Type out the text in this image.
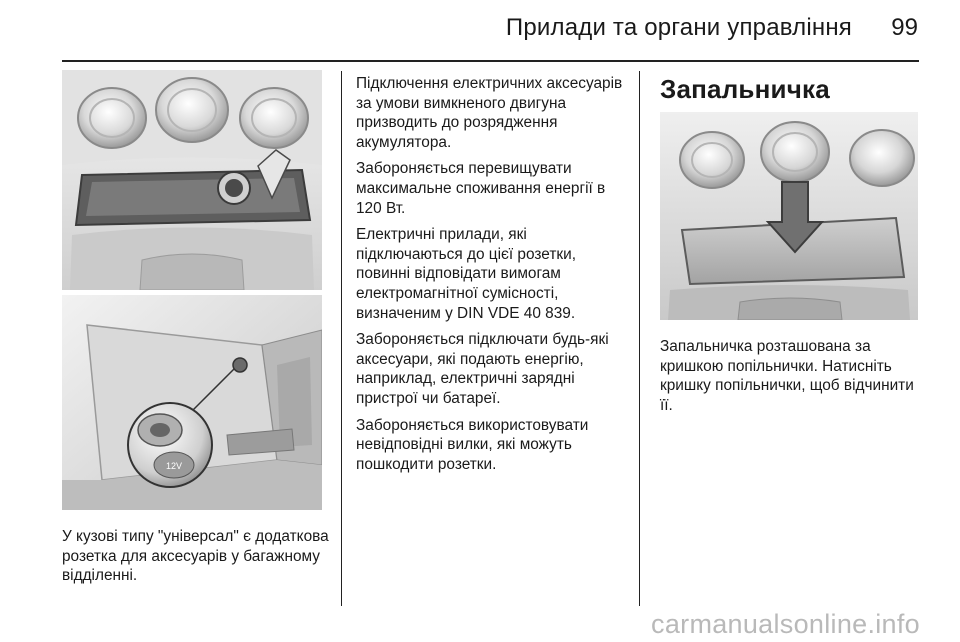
Прилади та органи управління 99
12V

У кузові типу "універсал" є додаткова розетка для аксесуарів у багажному відділенні.

Підключення електричних аксесуарів за умови вимкненого двигуна призводить до розрядження акумулятора.

Забороняється перевищувати максимальне споживання енергії в 120 Вт.

Електричні прилади, які підключаються до цієї розетки, повинні відповідати вимогам електромагнітної сумісності, визначеним у DIN VDE 40 839.

Забороняється підключати будь-які аксесуари, які подають енергію, наприклад, електричні зарядні пристрої чи батареї.

Забороняється використовувати невідповідні вилки, які можуть пошкодити розетки.

Запальничка

Запальничка розташована за кришкою попільнички. Натисніть кришку попільнички, щоб відчинити її.

carmanualsonline.info
